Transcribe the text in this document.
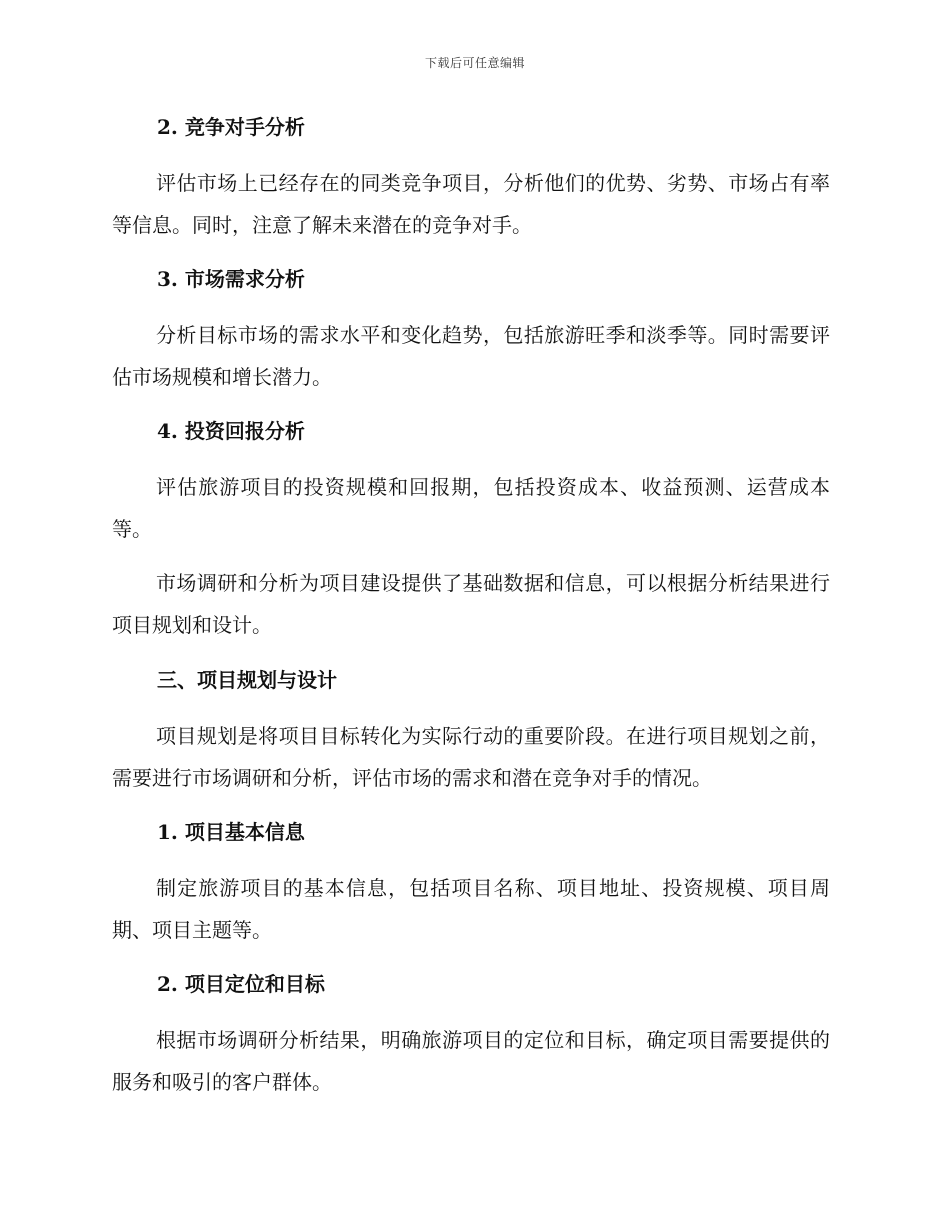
下载后可任意编辑
2. 竞争对手分析
评估市场上已经存在的同类竞争项目，分析他们的优势、劣势、市场占有率等信息。同时，注意了解未来潜在的竞争对手。
3. 市场需求分析
分析目标市场的需求水平和变化趋势，包括旅游旺季和淡季等。同时需要评估市场规模和增长潜力。
4. 投资回报分析
评估旅游项目的投资规模和回报期，包括投资成本、收益预测、运营成本等。
市场调研和分析为项目建设提供了基础数据和信息，可以根据分析结果进行项目规划和设计。
三、项目规划与设计
项目规划是将项目目标转化为实际行动的重要阶段。在进行项目规划之前，需要进行市场调研和分析，评估市场的需求和潜在竞争对手的情况。
1. 项目基本信息
制定旅游项目的基本信息，包括项目名称、项目地址、投资规模、项目周期、项目主题等。
2. 项目定位和目标
根据市场调研分析结果，明确旅游项目的定位和目标，确定项目需要提供的服务和吸引的客户群体。
